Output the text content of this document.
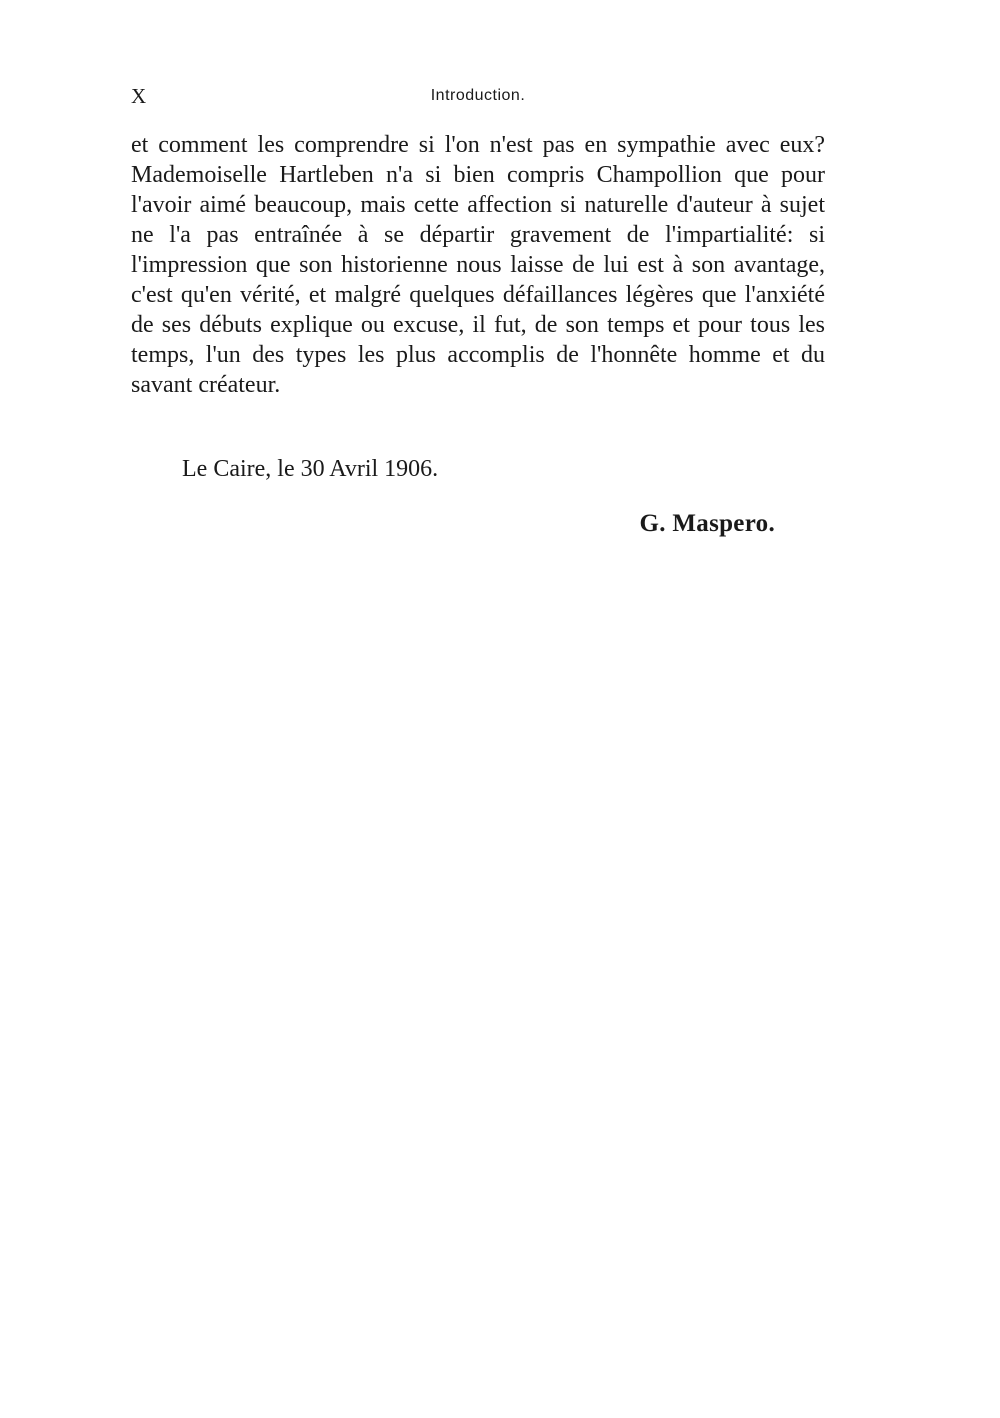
X	Introduction.

et comment les comprendre si l'on n'est pas en sympathie avec eux? Mademoiselle Hartleben n'a si bien compris Champollion que pour l'avoir aimé beaucoup, mais cette affection si naturelle d'auteur à sujet ne l'a pas entraînée à se départir gravement de l'impartialité: si l'impression que son historienne nous laisse de lui est à son avantage, c'est qu'en vérité, et malgré quelques défaillances légères que l'anxiété de ses débuts explique ou excuse, il fut, de son temps et pour tous les temps, l'un des types les plus accomplis de l'honnête homme et du savant créateur.

Le Caire, le 30 Avril 1906.

G. Maspero.
